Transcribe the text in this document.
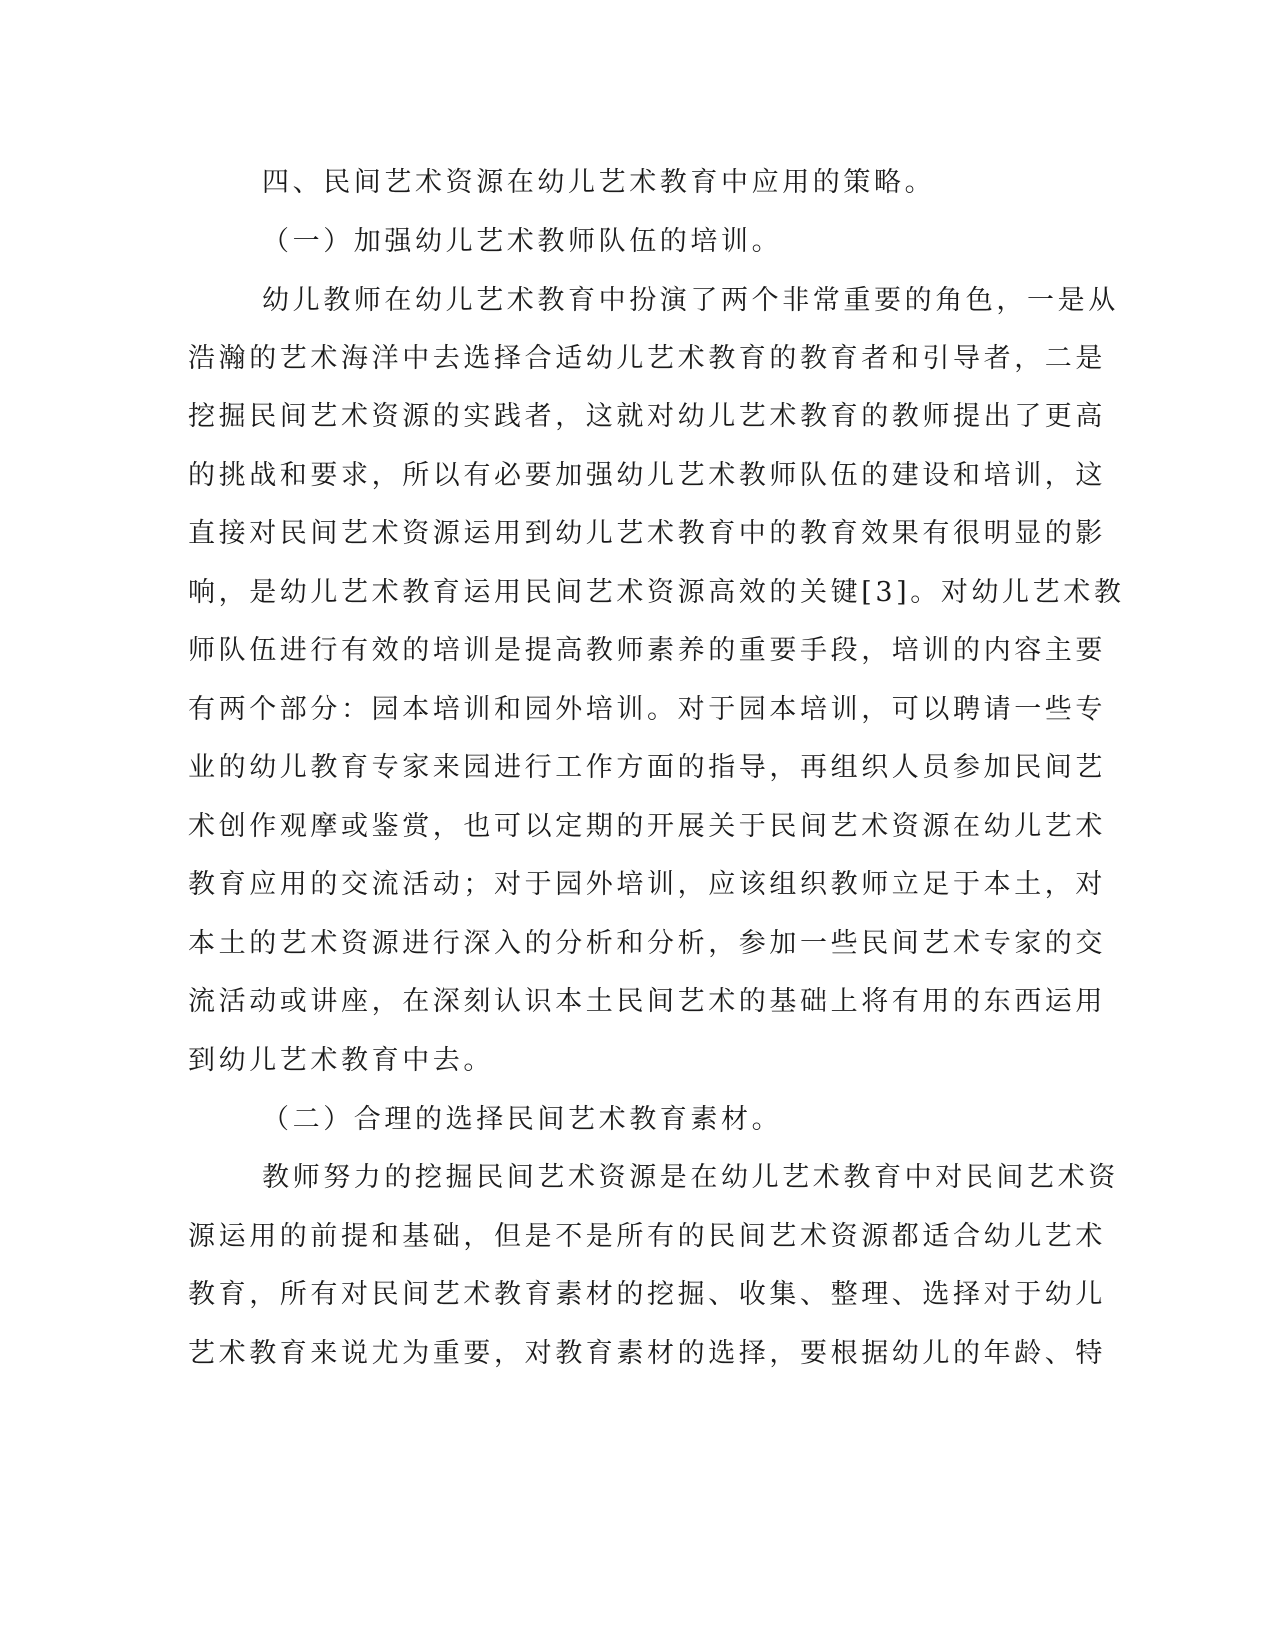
四、民间艺术资源在幼儿艺术教育中应用的策略。
（一）加强幼儿艺术教师队伍的培训。
幼儿教师在幼儿艺术教育中扮演了两个非常重要的角色，一是从
浩瀚的艺术海洋中去选择合适幼儿艺术教育的教育者和引导者，二是
挖掘民间艺术资源的实践者，这就对幼儿艺术教育的教师提出了更高
的挑战和要求，所以有必要加强幼儿艺术教师队伍的建设和培训，这
直接对民间艺术资源运用到幼儿艺术教育中的教育效果有很明显的影
响，是幼儿艺术教育运用民间艺术资源高效的关键[3]。对幼儿艺术教
师队伍进行有效的培训是提高教师素养的重要手段，培训的内容主要
有两个部分：园本培训和园外培训。对于园本培训，可以聘请一些专
业的幼儿教育专家来园进行工作方面的指导，再组织人员参加民间艺
术创作观摩或鉴赏，也可以定期的开展关于民间艺术资源在幼儿艺术
教育应用的交流活动；对于园外培训，应该组织教师立足于本土，对
本土的艺术资源进行深入的分析和分析，参加一些民间艺术专家的交
流活动或讲座，在深刻认识本土民间艺术的基础上将有用的东西运用
到幼儿艺术教育中去。
（二）合理的选择民间艺术教育素材。
教师努力的挖掘民间艺术资源是在幼儿艺术教育中对民间艺术资
源运用的前提和基础，但是不是所有的民间艺术资源都适合幼儿艺术
教育，所有对民间艺术教育素材的挖掘、收集、整理、选择对于幼儿
艺术教育来说尤为重要，对教育素材的选择，要根据幼儿的年龄、特
